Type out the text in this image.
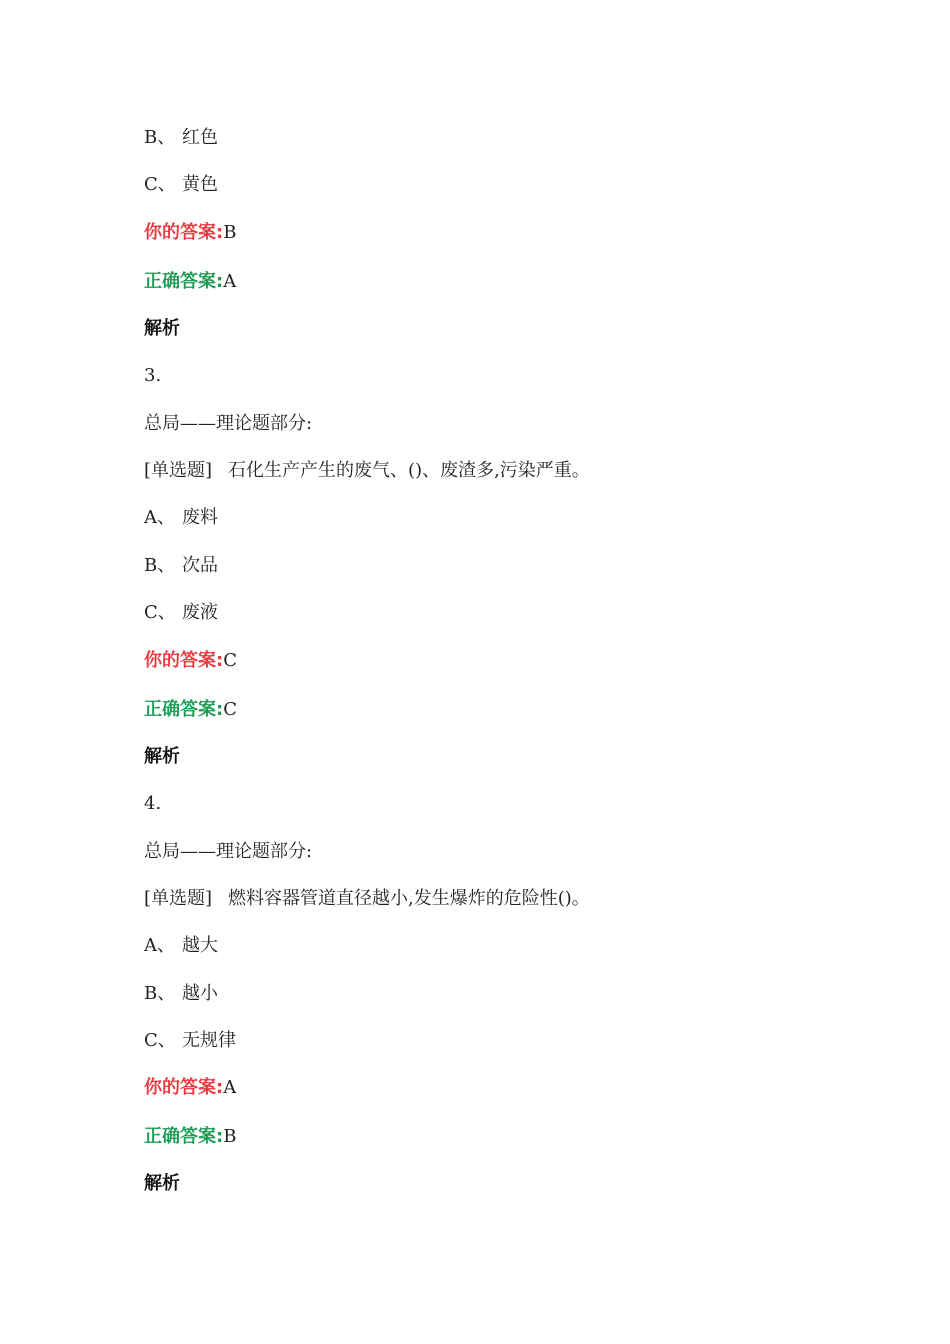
B、 红色
C、 黄色
你的答案:B
正确答案:A
解析
3.
总局——理论题部分:
[单选题] 石化生产产生的废气、()、废渣多,污染严重。
A、 废料
B、 次品
C、 废液
你的答案:C
正确答案:C
解析
4.
总局——理论题部分:
[单选题] 燃料容器管道直径越小,发生爆炸的危险性()。
A、 越大
B、 越小
C、 无规律
你的答案:A
正确答案:B
解析
